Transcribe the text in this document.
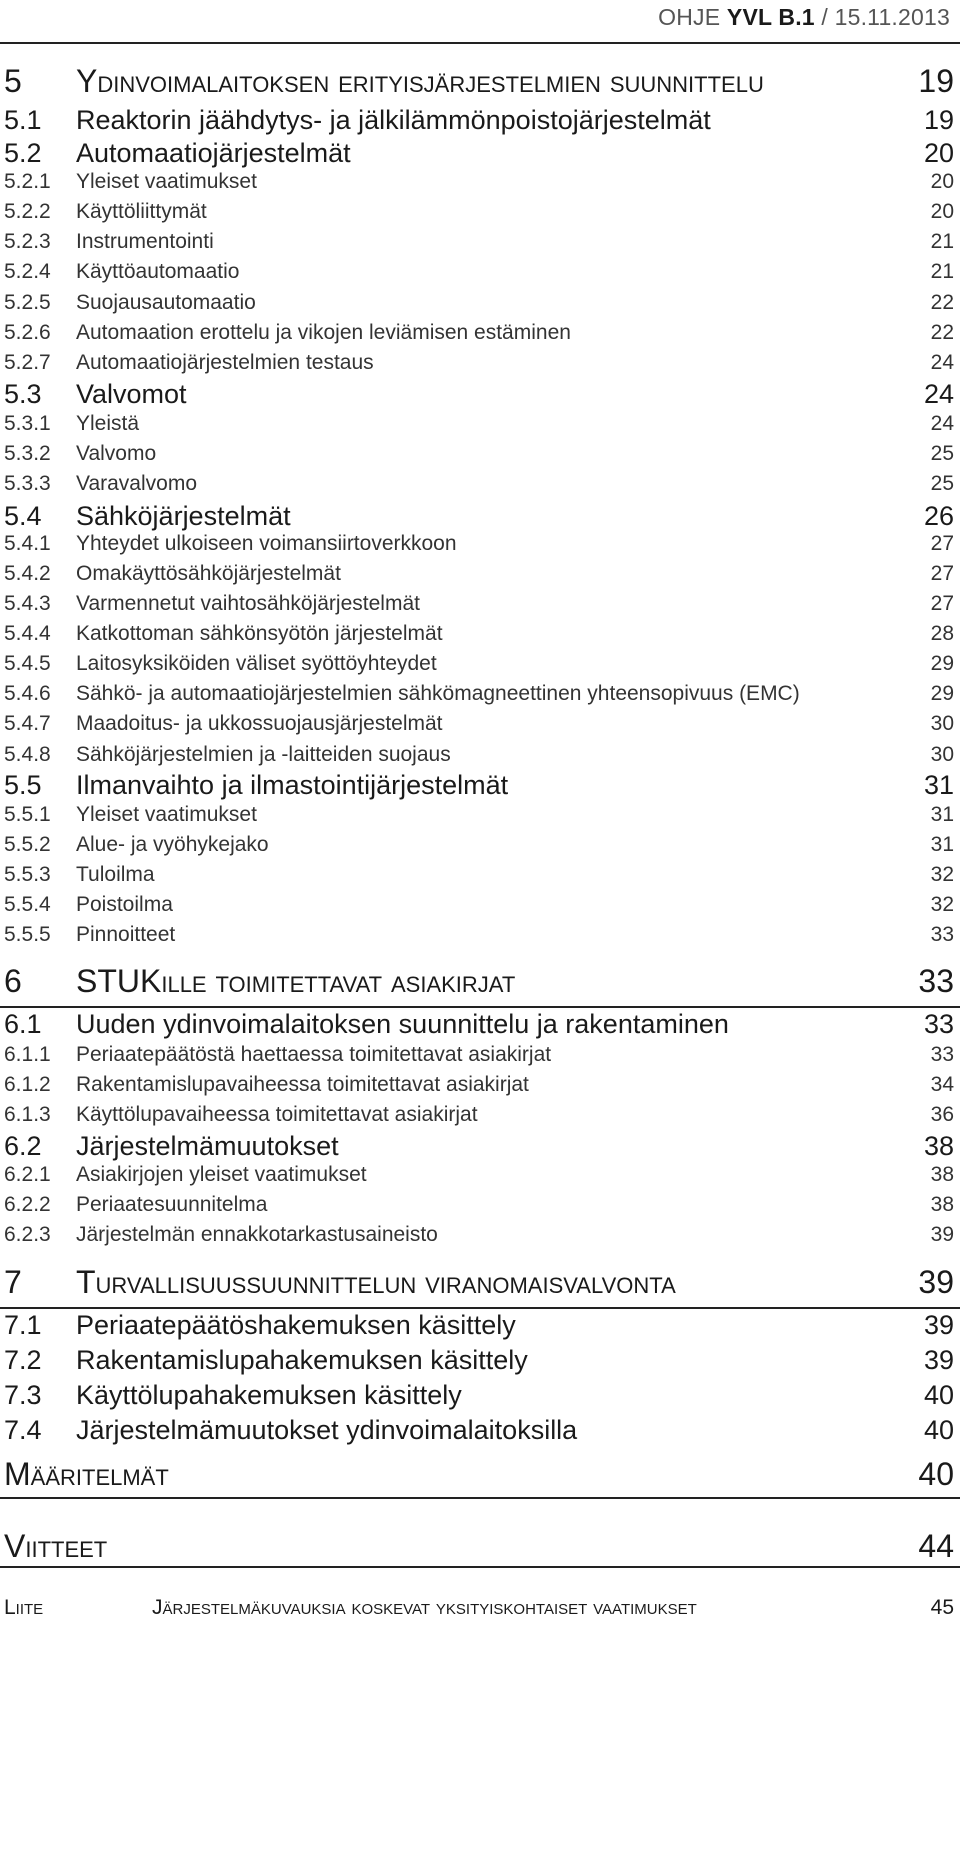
OHJE YVL B.1 / 15.11.2013
5 Ydinvoimalaitoksen erityisjärjestelmien suunnittelu	19
5.1 Reaktorin jäähdytys- ja jälkilämmönpoistojärjestelmät	19
5.2 Automaatiojärjestelmät	20
5.2.1 Yleiset vaatimukset	20
5.2.2 Käyttöliittymät	20
5.2.3 Instrumentointi	21
5.2.4 Käyttöautomaatio	21
5.2.5 Suojausautomaatio	22
5.2.6 Automaation erottelu ja vikojen leviämisen estäminen	22
5.2.7 Automaatiojärjestelmien testaus	24
5.3 Valvomot	24
5.3.1 Yleistä	24
5.3.2 Valvomo	25
5.3.3 Varavalvomo	25
5.4 Sähköjärjestelmät	26
5.4.1 Yhteydet ulkoiseen voimansiirtoverkkoon	27
5.4.2 Omakäyttösähköjärjestelmät	27
5.4.3 Varmennetut vaihtosähköjärjestelmät	27
5.4.4 Katkottoman sähkönsyötön järjestelmät	28
5.4.5 Laitosyksiköiden väliset syöttöyhteydet	29
5.4.6 Sähkö- ja automaatiojärjestelmien sähkömagneettinen yhteensopivuus (EMC)	29
5.4.7 Maadoitus- ja ukkossuojausjärjestelmät	30
5.4.8 Sähköjärjestelmien ja -laitteiden suojaus	30
5.5 Ilmanvaihto ja ilmastointijärjestelmät	31
5.5.1 Yleiset vaatimukset	31
5.5.2 Alue- ja vyöhykejako	31
5.5.3 Tuloilma	32
5.5.4 Poistoilma	32
5.5.5 Pinnoitteet	33
6 STUKille toimitettavat asiakirjat	33
6.1 Uuden ydinvoimalaitoksen suunnittelu ja rakentaminen	33
6.1.1 Periaatepäätöstä haettaessa toimitettavat asiakirjat	33
6.1.2 Rakentamislupavaiheessa toimitettavat asiakirjat	34
6.1.3 Käyttölupavaiheessa toimitettavat asiakirjat	36
6.2 Järjestelmämuutokset	38
6.2.1 Asiakirjojen yleiset vaatimukset	38
6.2.2 Periaatesuunnitelma	38
6.2.3 Järjestelmän ennakkotarkastusaineisto	39
7 Turvallisuussuunnittelun viranomaisvalvonta	39
7.1 Periaatepäätöshakemuksen käsittely	39
7.2 Rakentamislupahakemuksen käsittely	39
7.3 Käyttölupahakemuksen käsittely	40
7.4 Järjestelmämuutokset ydinvoimalaitoksilla	40
Määritelmät	40
Viitteet	44
Liite	Järjestelmäkuvauksia koskevat yksityiskohtaiset vaatimukset	45
